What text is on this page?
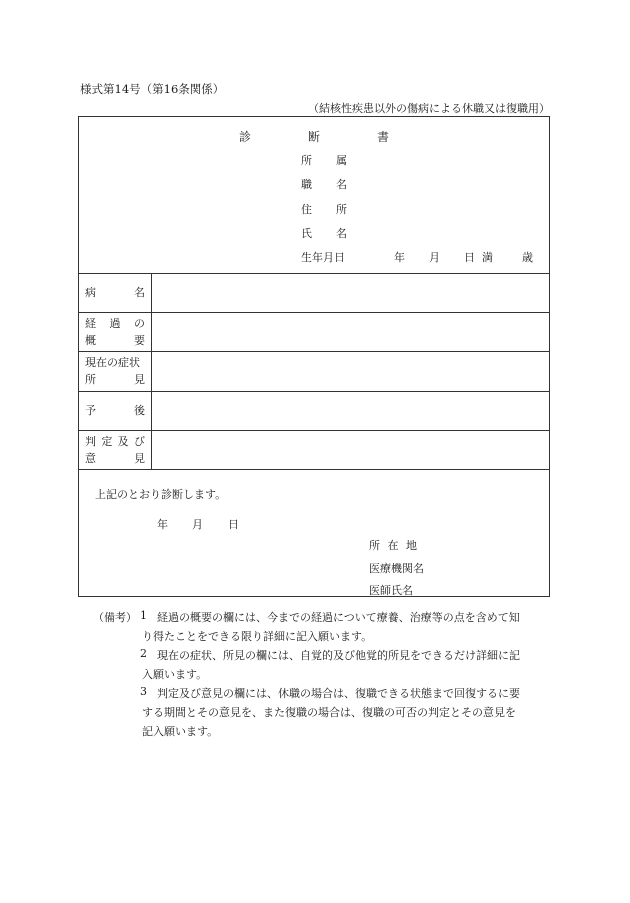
様式第14号（第16条関係）
（結核性疾患以外の傷病による休職又は復職用）
診	断	書
所 属
職 名
住 所
氏 名
生年月日	年 月 日 満	歳
病	名
経 過 の
概	要
現在の症状
所	見
予	後
判 定 及 び
意	見
上記のとおり診断します。
年 月 日
所 在 地
医療機関名
医師氏名
（備考） 1 経過の概要の欄には、今までの経過について療養、治療等の点を含めて知
り得たことをできる限り詳細に記入願います。
2 現在の症状、所見の欄には、自覚的及び他覚的所見をできるだけ詳細に記
入願います。
3 判定及び意見の欄には、休職の場合は、復職できる状態まで回復するに要
する期間とその意見を、また復職の場合は、復職の可否の判定とその意見を
記入願います。
